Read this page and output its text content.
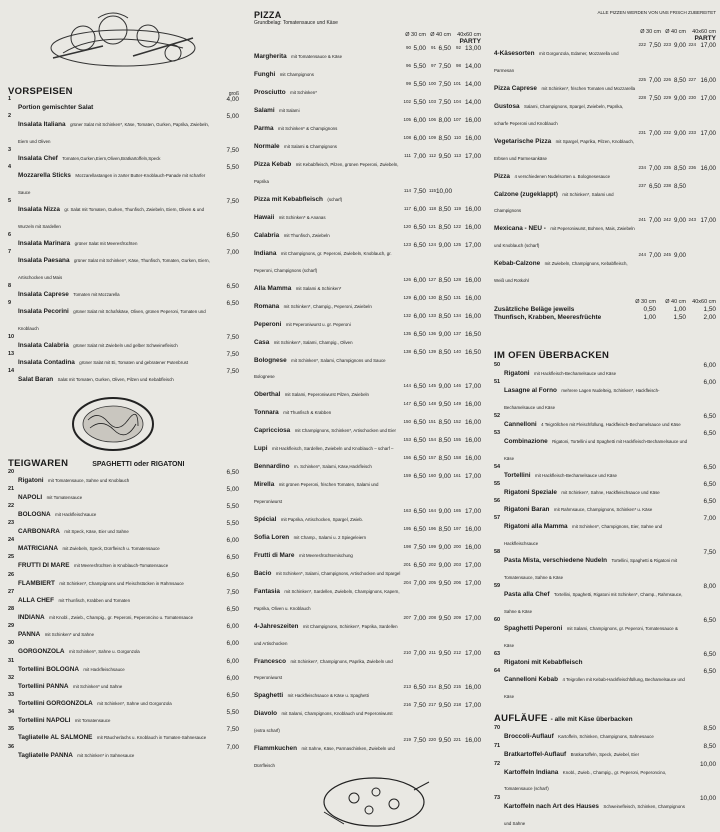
VORSPEISEN	groß
1
Portion gemischter Salat
4,00
2
Insalata Italiana grüner Salat mit Schinken*, Käse, Tomaten, Gurken, Paprika, Zwiebeln, Eiern und Oliven
5,00
3
Insalata Chef Tomaten,Gurken,Eiern,Oliven,Bratkartoffeln,Speck
7,50
4
Mozzarella Sticks Mozzarellastangen in zarter Butter-Knoblauch-Panade mit scharfer Sauce
5,50
5
Insalata Nizza gr. Salat mit Tomaten, Gurken, Thunfisch, Zwiebeln, Eiern, Oliven & und Wurzeln mit Sardellen
7,50
6
Insalata Marinara grüner Salat mit Meeresfrüchten
6,50
7
Insalata Paesana grüner Salat mit Schinken*, Käse, Thunfisch, Tomaten, Gurken, Eiern, Artischocken und Mais
7,00
8
Insalata Caprese Tomaten mit Mozzarella
6,50
9
Insalata Pecorini grüner Salat mit Schafskäse, Oliven, grünen Peperoni, Tomaten und Knoblauch
6,50
10
Insalata Calabria grüner Salat mit Zwiebeln und gelber Schweinefleisch
7,50
13
Insalata Contadina grüner Salat mit Ei, Tomaten und gebratener Putenbrust
7,50
14
Salat Baran Salat mit Tomaten, Gurken, Oliven, Pilzen und Kebabfleisch
7,50
TEIGWAREN	SPAGHETTI oder RIGATONI
20
Rigatoni mit Tomatensauce, Sahne und Knoblauch
6,50
21
NAPOLI mit Tomatensauce
5,00
22
BOLOGNA mit Hackfleischsauce
5,50
23
CARBONARA mit Speck, Käse, Eier und Sahne
5,50
24
MATRICIANA mit Zwiebeln, Speck, Dürrfleisch u. Tomatensauce
6,00
25
FRUTTI DI MARE mit Meeresfrüchten in Knoblauch-Tomatensauce
6,50
26
FLAMBIERT mit Schinken*, Champignons und Fleischstücken in Rahmsauce
6,50
27
ALLA CHEF mit Thunfisch, Krabben und Tomaten
7,50
28
INDIANA mit Knobl., Zwieb., Champig., gr. Peperoni, Peperoncino u. Tomatensauce
6,50
29
PANNA mit Schinken* und Sahne
6,00
30
GORGONZOLA mit Schinken*, Sahne u. Gorgonzola
6,00
31
Tortellini BOLOGNA mit Hackfleischsauce
6,00
32
Tortellini PANNA mit Schinken* und Sahne
6,00
33
Tortellini GORGONZOLA mit Schinken*, Sahne und Gorgonzola
6,50
34
Tortellini NAPOLI mit Tomatensauce
5,50
35
Tagliatelle AL SALMONE mit Räucherlachs u. Knoblauch in Tomaten-Sahnesauce
7,50
36
Tagliatelle PANNA mit Schinken* in Sahnesauce
7,00
PIZZA
Grundbelag: Tomatensauce und Käse
Ø 30 cm Ø 40 cm	40x60 cm
PARTY
Margherita mit Tomatensauce & Käse
90 5,00	91 6,50	92 13,00
Funghi mit Champignons
96 5,50	97 7,50	98 14,00
Prosciutto mit Schinken*
99 5,50 100 7,50 101 14,00
Salami mit Salami
102 5,50 103 7,50 104 14,00
Parma mit Schinken* & Champignons
105 6,00 106 8,00 107 16,00
Normale mit Salami & Champignons
108 6,00 109 8,50 110 16,00
Pizza Kebab mit Kebabfleisch, Pilzen, grünen Peperoni, Zwiebeln, Paprika
111 7,00 112 9,50 113 17,00
Pizza mit Kebabfleisch (scharf)
114 7,50 115 10,00
Hawaii mit Schinken* & Ananas
117 6,00 118 8,50 119 16,00
Calabria mit Thunfisch, Zwiebeln
120 6,50 121 8,50 122 16,00
Indiana mit Champignons, gr. Peperoni, Zwiebeln, Knoblauch, gr. Peperoni, Champignons (scharf)
123 6,50 124 9,00 125 17,00
Alla Mamma mit Salami & Schinken*
126 6,00 127 8,50 128 16,00
Romana mit Schinken*, Champig., Peperoni, Zwiebeln
129 6,00 130 8,50 131 16,00
Peperoni mit Peperoniwurst u. gr. Peperoni
132 6,00 133 8,50 134 16,00
Casa mit Schinken*, Salami, Champig., Oliven
135 6,50 136 9,00 137 16,50
Bolognese mit Schinken*, Salami, Champignons und Sauce Bolognese
138 6,50 139 8,50 140 16,50
Oberthal mit Salami, Peperoniwurst Pilzen, Zwiebeln
144 6,50 145 9,00 146 17,00
Tonnara mit Thunfisch & Krabben
147 6,50 148 9,50 149 16,00
Capricciosa mit Champignons, Schinken*, Artischocken und Eier
150 6,50 151 8,50 152 16,00
Lupi mit Hackfleisch, Sardellen, Zwiebeln und Knoblauch – scharf –
153 6,50 154 8,50 155 16,00
Bennardino m. Schinken*, Salami, Käse,Hackfleisch
156 6,50 157 8,50 158 16,00
Mirella mit grünen Peperoni, frischen Tomaten, Salami und Peperoniwurst
159 6,50 160 9,00 161 17,00
Spécial mit Paprika, Artischocken, Spargel, Zwieb.
163 6,50 164 9,00 165 17,00
Sofia Loren mit Champ., Salami u. 2 Spiegeleiern
195 6,50 196 8,50 197 16,00
Frutti di Mare mit Meeresfrüchtemischung
198 7,50 199 9,00 200 16,00
Bacio mit Schinken*, Salami, Champignons, Artischocken und Spargel
201 6,50 202 9,00 203 17,00
Fantasia mit Schinken*, Sardellen, Zwiebeln, Champignons, Kapern, Paprika, Oliven u. Knoblauch
204 7,00 205 9,50 206 17,00
4-Jahreszeiten mit Champignons, Schinken*, Paprika, Sardellen und Artischocken
207 7,00 208 9,50 209 17,00
Francesco mit Schinken*, Champignons, Paprika, Zwiebeln und Peperoniwurst
210 7,00 211 9,50 212 17,00
Spaghetti mit Hackfleischsauce & Käse u. Spaghetti
213 6,50 214 8,50 215 16,00
Diavolo mit Salami, Champignons, Knoblauch und Peperoniwurst (extra scharf)
216 7,50 217 9,50 218 17,00
Flammkuchen mit Sahne, Käse, Parmaschinken, Zwiebeln und Dürrfleisch
219 7,50 220 9,50 221 16,00
ALLE PIZZEN WERDEN VON UNS FRISCH ZUBEREITET
Ø 30 cm Ø 40 cm	40x60 cm
PARTY
4-Käsesorten mit Gorgonzola, Edamer, Mozzarella und Parmesan
222 7,50 223 9,00 224 17,00
Pizza Caprese mit Schinken*, frischen Tomaten und Mozzarella
225 7,00 226 8,50 227 16,00
Gustosa Salami, Champignons, Spargel, Zwiebeln, Paprika, scharfe Peperoni und Knoblauch
228 7,50 229 9,00 230 17,00
Vegetarische Pizza mit Spargel, Paprika, Pilzen, Knoblauch, Erbsen und Parmesankäse
231 7,00 232 9,00 233 17,00
Pizza 4 verschiedenen Nudelsorten u. Bolognesesauce
234 7,00 235 8,50 236 16,00
Calzone (zugeklappt) mit Schinken*, Salami und Champignons
237 6,50 238 8,50
Mexicana - NEU - mit Peperoniwurst, Bohnen, Mais, Zwiebeln und Knoblauch (scharf)
241 7,00 242 9,00 243 17,00
Kebab-Calzone mit Zwiebeln, Champignons, Kebabfleisch, Weiß und Rotkohl
244 7,00 245 9,00
Ø 30 cm	Ø 40 cm	40x60 cm
Zusätzliche Beläge jeweils	0,50	1,00	1,50
Thunfisch, Krabben, Meeresfrüchte	1,00	1,50	2,00
IM OFEN ÜBERBACKEN
50
Rigatoni mit Hackfleisch-Bechamelsauce und Käse
6,00
51
Lasagne al Forno mehrere Lagen Nudelteig, Schinken*, Hackfleisch-Bechamelsauce und Käse
6,00
52
Cannelloni 4 Teigröllchen mit Fleischfüllung, Hackfleisch-Bechamelsauce und Käse
6,50
53
Combinazione Rigatoni, Tortellini und Spaghetti mit Hackfleisch-Bechamelsauce und Käse
6,50
54
Tortellini mit Hackfleisch-Bechamelsauce und Käse
6,50
55
Rigatoni Speziale mit Schinken*, Sahne, Hackfleischsauce und Käse
6,50
56
Rigatoni Baran mit Rahmsauce, Champignons, Schinken* u. Käse
6,50
57
Rigatoni alla Mamma mit Schinken*, Champignons, Eier, Sahne und Hackfleischsauce
7,00
58
Pasta Mista, verschiedene Nudeln Tortellini, Spaghetti & Rigatoni mit Tomatensauce, Sahne & Käse
7,50
59
Pasta alla Chef Tortellini, Spaghetti, Rigatoni mit Schinken*, Champ., Rahmsauce, Sahne & Käse
8,00
60
Spaghetti Peperoni mit Salami, Champignons, gr. Peperoni, Tomatensauce & Käse
6,50
63
Rigatoni mit Kebabfleisch
6,50
64
Cannelloni Kebab 4 Teigrollen mit Kebab-Hackfleischfüllung, Bechamelsauce und Käse
6,50
AUFLÄUFE - alle mit Käse überbacken
70
Broccoli-Auflauf Kartoffeln, Schinken, Champignons, Sahnesauce
8,50
71
Bratkartoffel-Auflauf Bratkartoffeln, Speck, Zwiebel, Eier
8,50
72
Kartoffeln Indiana Knobl., Zwieb., Champig., gr. Peperoni, Peperoncino, Tomatensauce (scharf)
10,00
73
Kartoffeln nach Art des Hauses Schweinefleisch, Schinken, Champignons und Sahne
10,00
